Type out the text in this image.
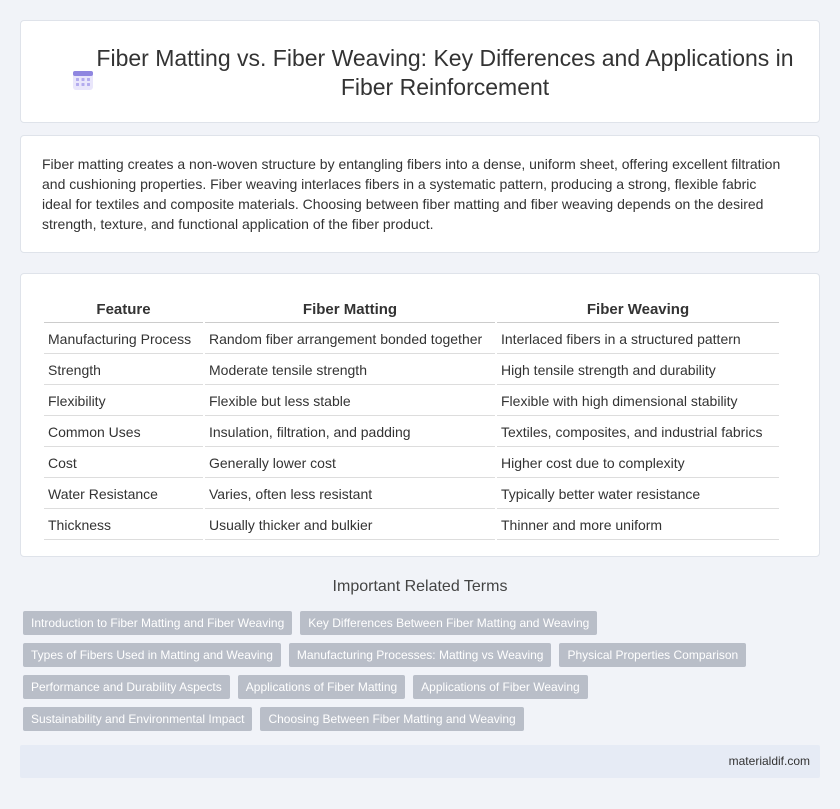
Fiber Matting vs. Fiber Weaving: Key Differences and Applications in Fiber Reinforcement

Fiber matting creates a non-woven structure by entangling fibers into a dense, uniform sheet, offering excellent filtration and cushioning properties. Fiber weaving interlaces fibers in a systematic pattern, producing a strong, flexible fabric ideal for textiles and composite materials. Choosing between fiber matting and fiber weaving depends on the desired strength, texture, and functional application of the fiber product.

Feature	Fiber Matting	Fiber Weaving
Manufacturing Process	Random fiber arrangement bonded together	Interlaced fibers in a structured pattern
Strength	Moderate tensile strength	High tensile strength and durability
Flexibility	Flexible but less stable	Flexible with high dimensional stability
Common Uses	Insulation, filtration, and padding	Textiles, composites, and industrial fabrics
Cost	Generally lower cost	Higher cost due to complexity
Water Resistance	Varies, often less resistant	Typically better water resistance
Thickness	Usually thicker and bulkier	Thinner and more uniform
Important Related Terms
Introduction to Fiber Matting and Fiber Weaving	Key Differences Between Fiber Matting and Weaving
Types of Fibers Used in Matting and Weaving	Manufacturing Processes: Matting vs Weaving	Physical Properties Comparison
Performance and Durability Aspects	Applications of Fiber Matting	Applications of Fiber Weaving
Sustainability and Environmental Impact	Choosing Between Fiber Matting and Weaving
materialdif.com
